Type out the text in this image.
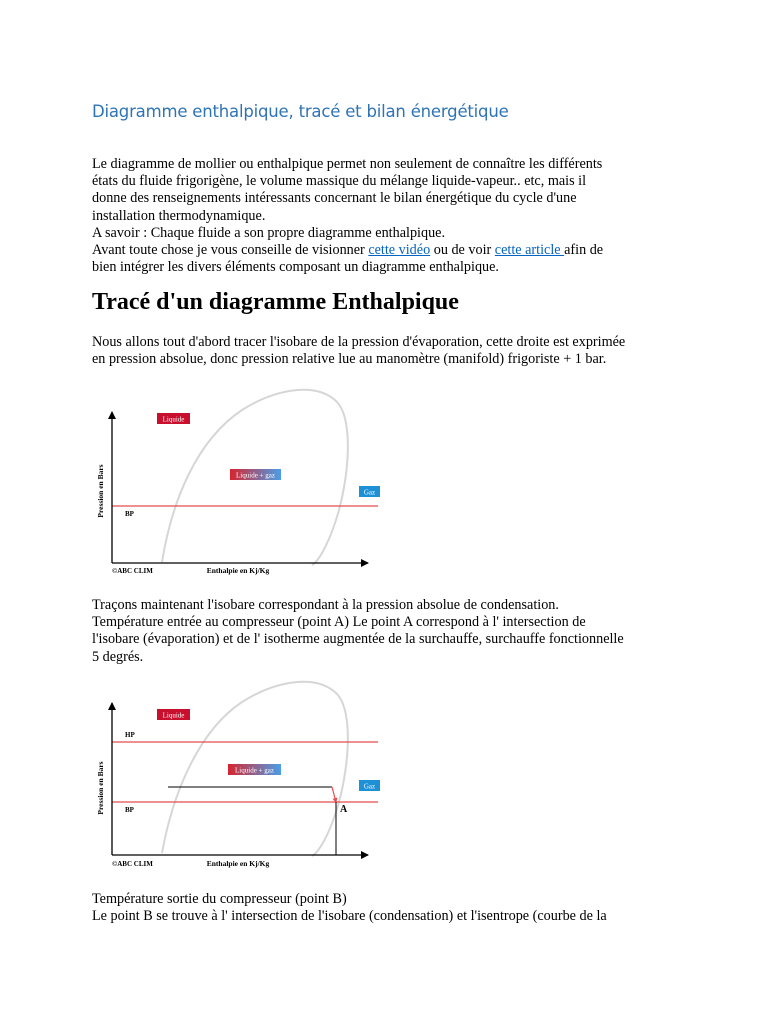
Diagramme enthalpique, tracé et bilan énergétique

Le diagramme de mollier ou enthalpique permet non seulement de connaître les différents
états du fluide frigorigène, le volume massique du mélange liquide-vapeur.. etc, mais il
donne des renseignements intéressants concernant le bilan énergétique du cycle d'une
installation thermodynamique.
A savoir : Chaque fluide a son propre diagramme enthalpique.
Avant toute chose je vous conseille de visionner cette vidéo ou de voir cette article afin de
bien intégrer les divers éléments composant un diagramme enthalpique.

Tracé d'un diagramme Enthalpique

Nous allons tout d'abord tracer l'isobare de la pression d'évaporation, cette droite est exprimée
en pression absolue, donc pression relative lue au manomètre (manifold) frigoriste + 1 bar.

Liquide
Liquide + gaz
Gaz
BP
Pression en Bars
Enthalpie en Kj/Kg
©ABC CLIM

Traçons maintenant l'isobare correspondant à la pression absolue de condensation.
Température entrée au compresseur (point A) Le point A correspond à l' intersection de
l'isobare (évaporation) et de l' isotherme augmentée de la surchauffe, surchauffe fonctionnelle
5 degrés.

Liquide
Liquide + gaz
Gaz
HP
BP	A
Pression en Bars
Enthalpie en Kj/Kg
©ABC CLIM

Température sortie du compresseur (point B)
Le point B se trouve à l' intersection de l'isobare (condensation) et l'isentrope (courbe de la
